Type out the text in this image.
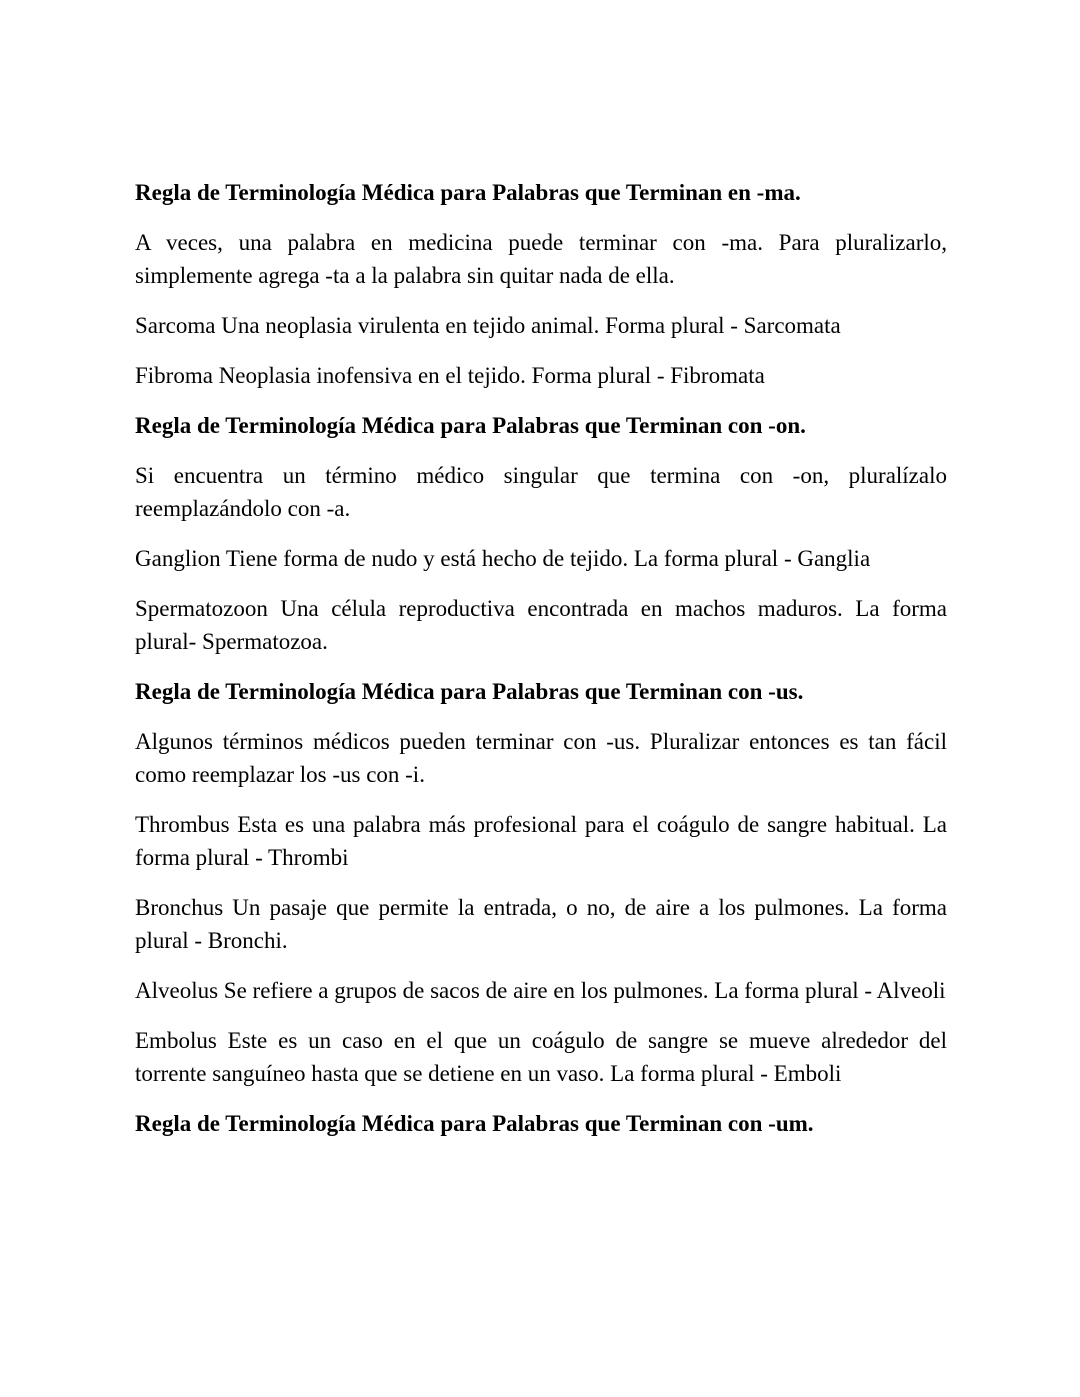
Regla de Terminología Médica para Palabras que Terminan en -ma.

A veces, una palabra en medicina puede terminar con -ma. Para pluralizarlo, simplemente agrega -ta a la palabra sin quitar nada de ella.

Sarcoma Una neoplasia virulenta en tejido animal. Forma plural - Sarcomata

Fibroma Neoplasia inofensiva en el tejido. Forma plural - Fibromata

Regla de Terminología Médica para Palabras que Terminan con -on.

Si encuentra un término médico singular que termina con -on, pluralízalo reemplazándolo con -a.

Ganglion Tiene forma de nudo y está hecho de tejido. La forma plural - Ganglia

Spermatozoon Una célula reproductiva encontrada en machos maduros. La forma plural- Spermatozoa.

Regla de Terminología Médica para Palabras que Terminan con -us.

Algunos términos médicos pueden terminar con -us. Pluralizar entonces es tan fácil como reemplazar los -us con -i.

Thrombus Esta es una palabra más profesional para el coágulo de sangre habitual. La forma plural - Thrombi

Bronchus Un pasaje que permite la entrada, o no, de aire a los pulmones. La forma plural - Bronchi.

Alveolus Se refiere a grupos de sacos de aire en los pulmones. La forma plural - Alveoli

Embolus Este es un caso en el que un coágulo de sangre se mueve alrededor del torrente sanguíneo hasta que se detiene en un vaso. La forma plural - Emboli

Regla de Terminología Médica para Palabras que Terminan con -um.
